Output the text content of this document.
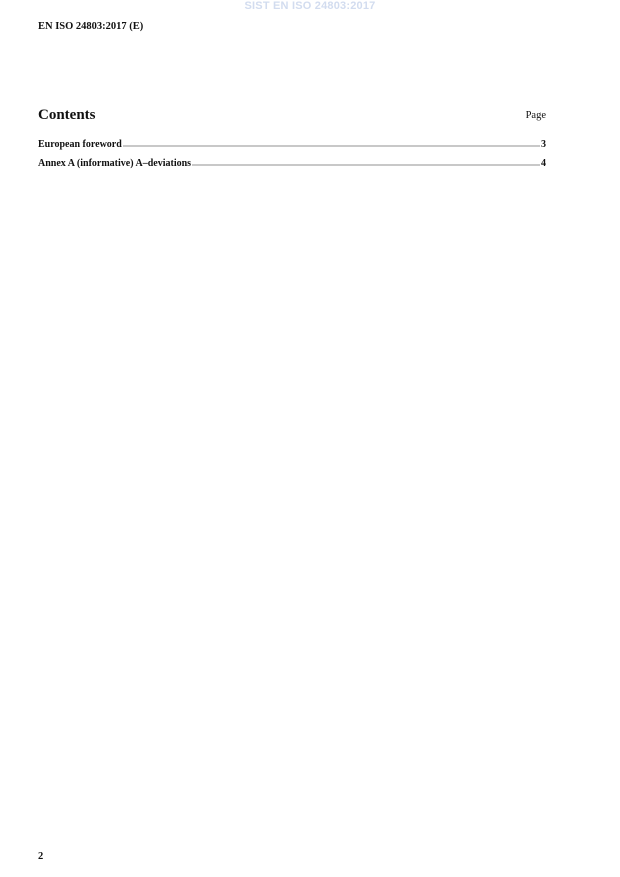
SIST EN ISO 24803:2017
EN ISO 24803:2017 (E)
Contents	Page
European foreword	3
Annex A (informative) A–deviations	4
2
